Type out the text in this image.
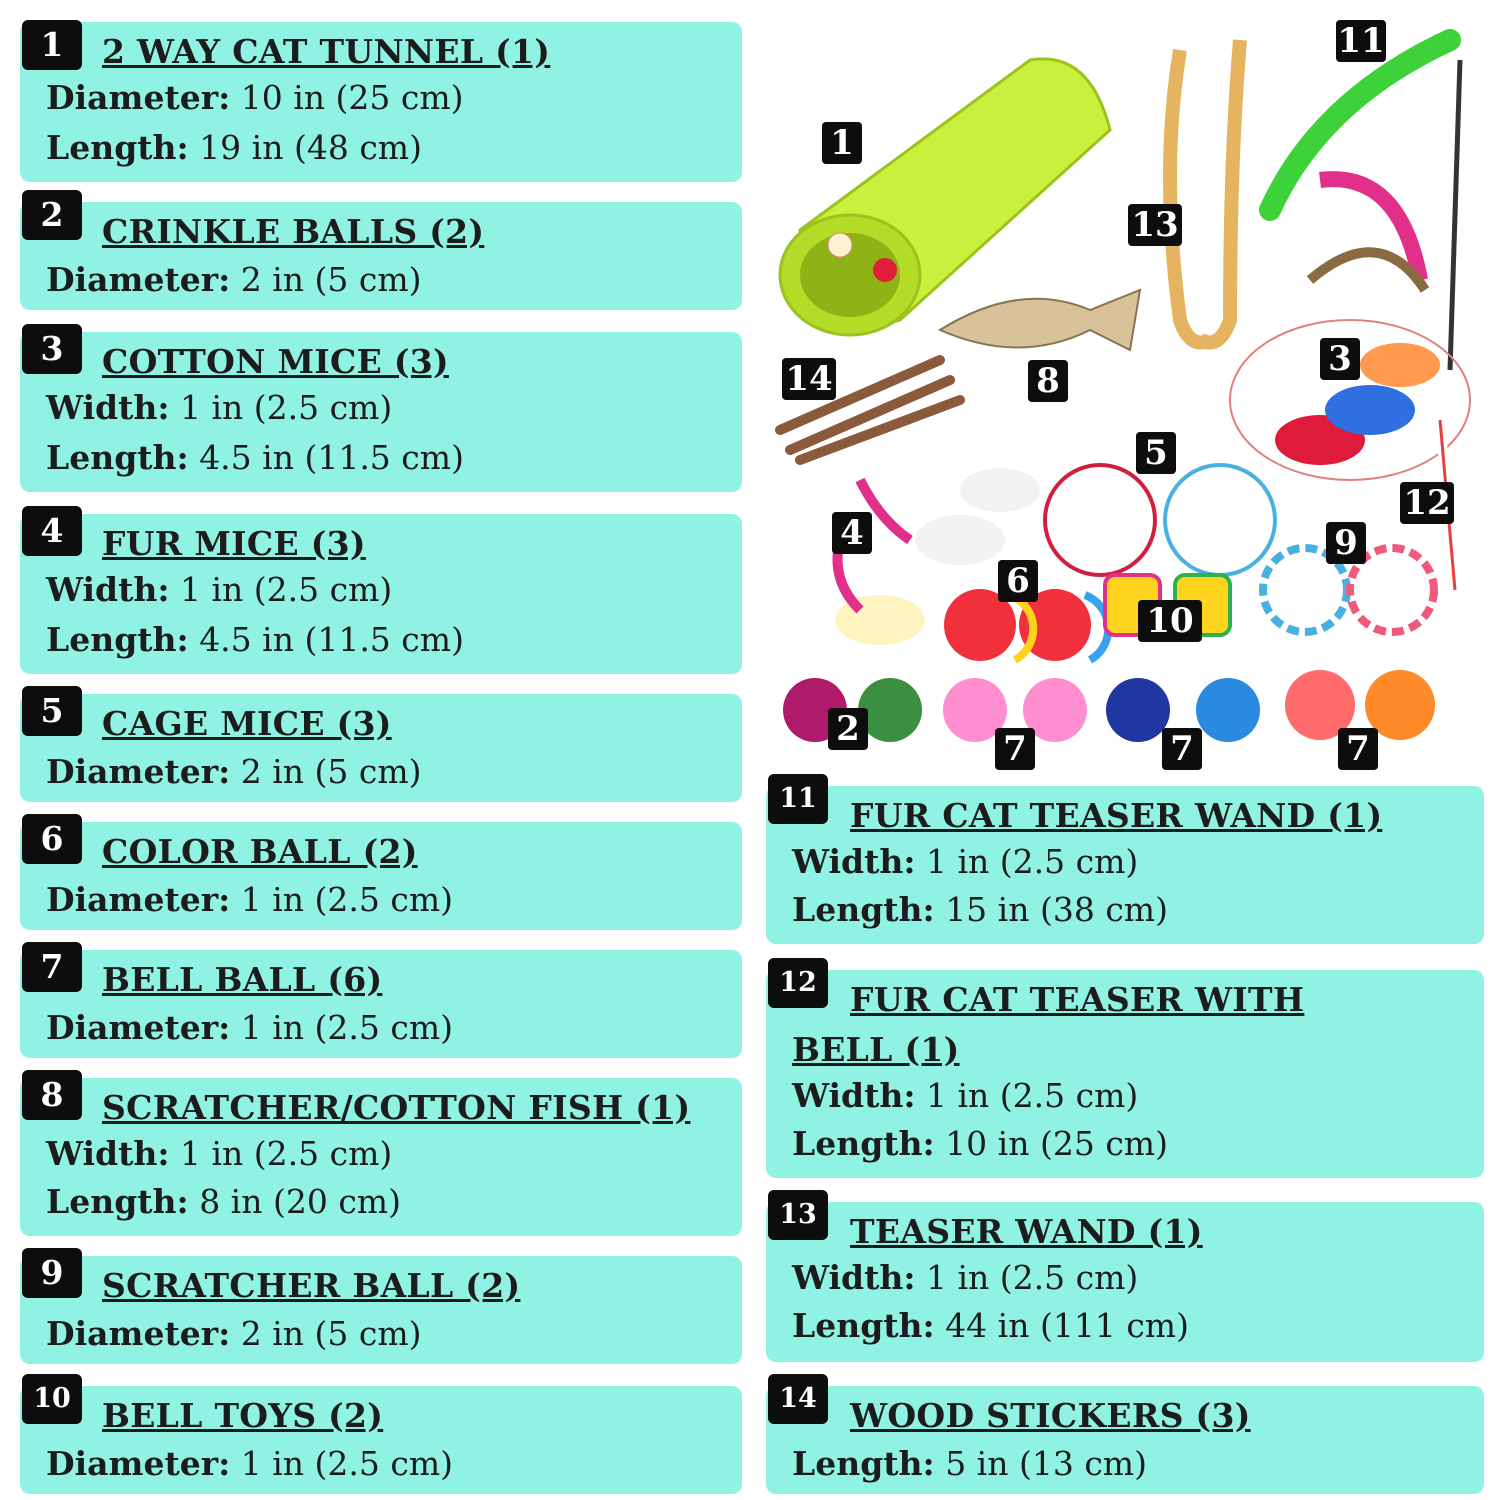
1	2 WAY CAT TUNNEL (1)
Diameter: 10 in (25 cm)
Length: 19 in (48 cm)
2	CRINKLE BALLS (2)
Diameter: 2 in (5 cm)
3	COTTON MICE (3)
Width: 1 in (2.5 cm)
Length: 4.5 in (11.5 cm)
4	FUR MICE (3)
Width: 1 in (2.5 cm)
Length: 4.5 in (11.5 cm)
5	CAGE MICE (3)
Diameter: 2 in (5 cm)
6	COLOR BALL (2)
Diameter: 1 in (2.5 cm)
7	BELL BALL (6)
Diameter: 1 in (2.5 cm)
8	SCRATCHER/COTTON FISH (1)
Width: 1 in (2.5 cm)
Length: 8 in (20 cm)
9	SCRATCHER BALL (2)
Diameter: 2 in (5 cm)
10 BELL TOYS (2)
Diameter: 1 in (2.5 cm)
11	FUR CAT TEASER WAND (1)
Width: 1 in (2.5 cm)
Length: 15 in (38 cm)
12	FUR CAT TEASER WITH
BELL (1)
Width: 1 in (2.5 cm)
Length: 10 in (25 cm)
13	TEASER WAND (1)
Width: 1 in (2.5 cm)
Length: 44 in (111 cm)
14	WOOD STICKERS (3)
Length: 5 in (13 cm)
1
2
3
4
5
6
7	7	7
8
9
10
11
12
13
14
